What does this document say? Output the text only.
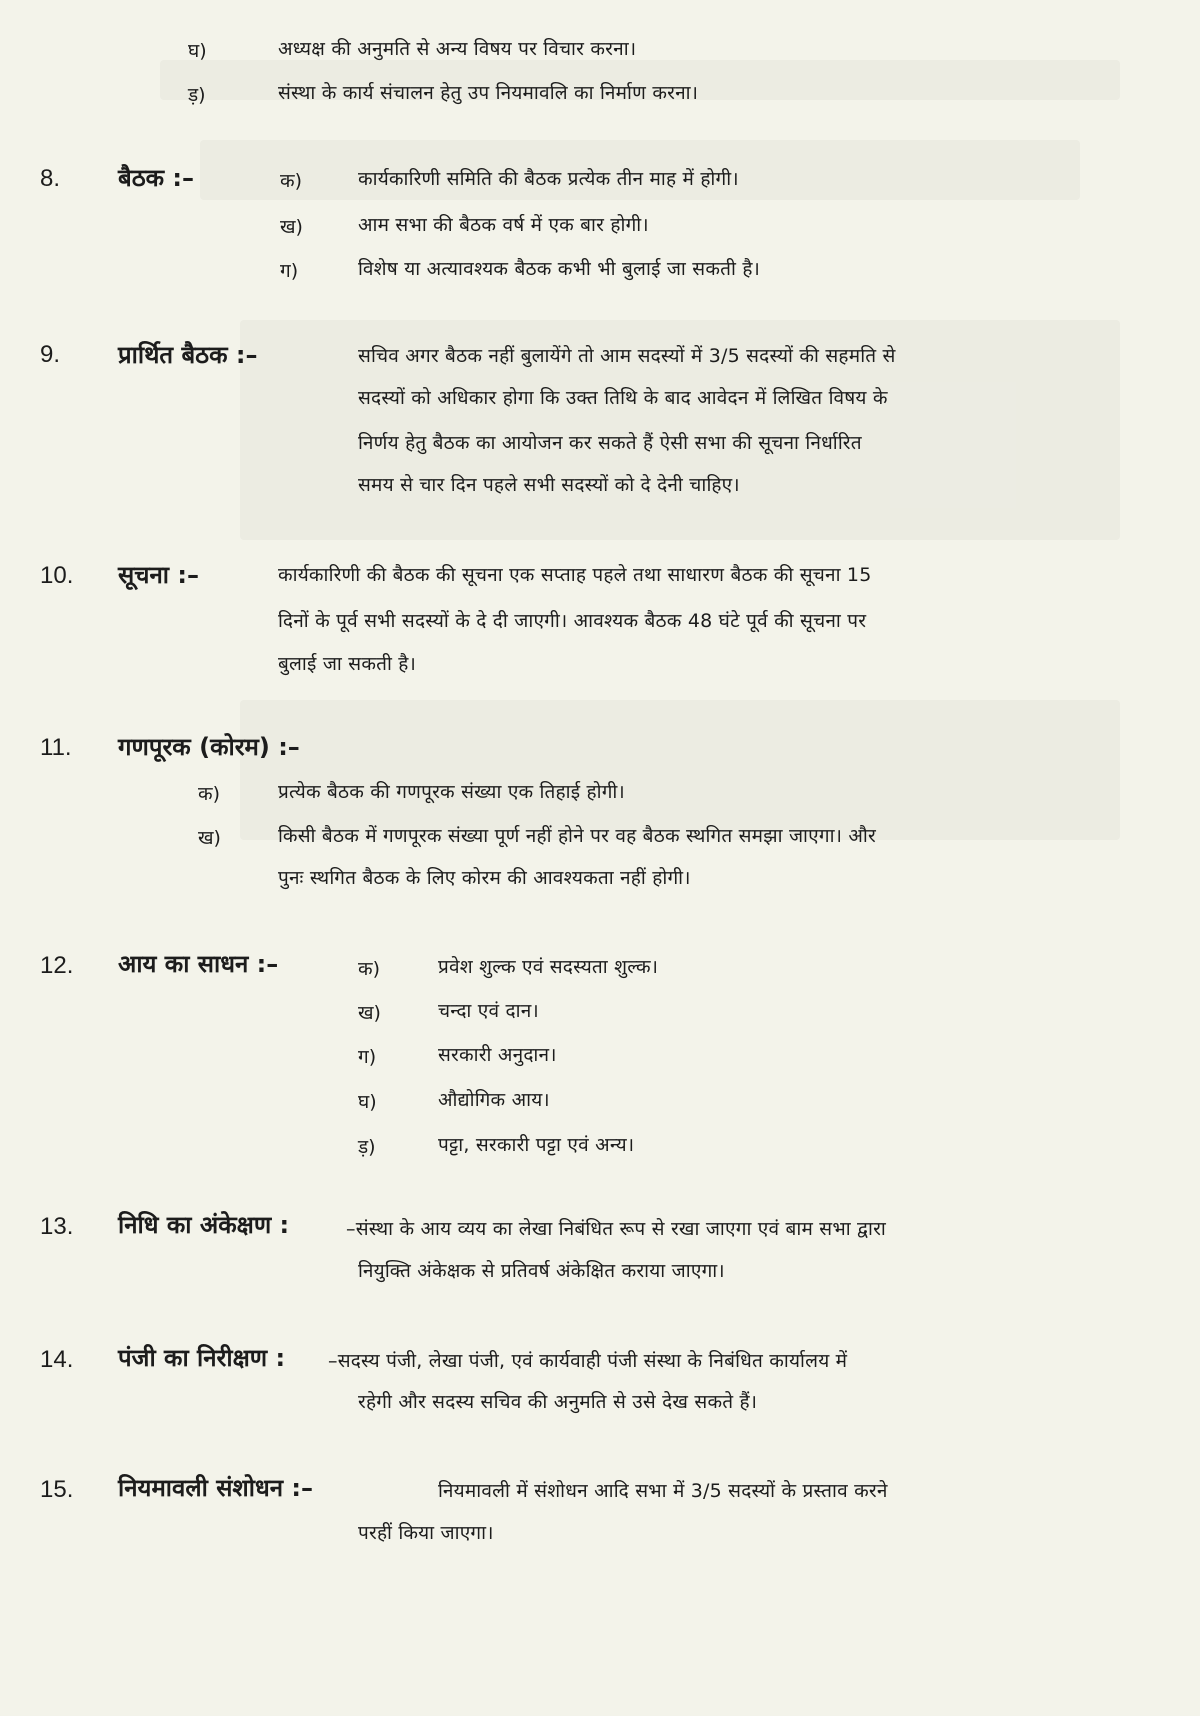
घ)	अध्यक्ष की अनुमति से अन्य विषय पर विचार करना।
ड़)	संस्था के कार्य संचालन हेतु उप नियमावलि का निर्माण करना।
8. बैठक :–	क)	कार्यकारिणी समिति की बैठक प्रत्येक तीन माह में होगी।
ख)	आम सभा की बैठक वर्ष में एक बार होगी।
ग)	विशेष या अत्यावश्यक बैठक कभी भी बुलाई जा सकती है।
9. प्रार्थित बैठक :–	सचिव अगर बैठक नहीं बुलायेंगे तो आम सदस्यों में 3/5 सदस्यों की सहमति से
सदस्यों को अधिकार होगा कि उक्त तिथि के बाद आवेदन में लिखित विषय के
निर्णय हेतु बैठक का आयोजन कर सकते हैं ऐसी सभा की सूचना निर्धारित
समय से चार दिन पहले सभी सदस्यों को दे देनी चाहिए।
10. सूचना :–	कार्यकारिणी की बैठक की सूचना एक सप्ताह पहले तथा साधारण बैठक की सूचना 15
दिनों के पूर्व सभी सदस्यों के दे दी जाएगी। आवश्यक बैठक 48 घंटे पूर्व की सूचना पर
बुलाई जा सकती है।
11. गणपूरक (कोरम) :–
क)	प्रत्येक बैठक की गणपूरक संख्या एक तिहाई होगी।
ख)	किसी बैठक में गणपूरक संख्या पूर्ण नहीं होने पर वह बैठक स्थगित समझा जाएगा। और
पुनः स्थगित बैठक के लिए कोरम की आवश्यकता नहीं होगी।
12. आय का साधन :–	क)	प्रवेश शुल्क एवं सदस्यता शुल्क।
ख)	चन्दा एवं दान।
ग)	सरकारी अनुदान।
घ)	औद्योगिक आय।
ड़)	पट्टा, सरकारी पट्टा एवं अन्य।
13. निधि का अंकेक्षण :	–संस्था के आय व्यय का लेखा निबंधित रूप से रखा जाएगा एवं बाम सभा द्वारा
नियुक्ति अंकेक्षक से प्रतिवर्ष अंकेक्षित कराया जाएगा।
14. पंजी का निरीक्षण : –सदस्य पंजी, लेखा पंजी, एवं कार्यवाही पंजी संस्था के निबंधित कार्यालय में
रहेगी और सदस्य सचिव की अनुमति से उसे देख सकते हैं।
15. नियमावली संशोधन :–	नियमावली में संशोधन आदि सभा में 3/5 सदस्यों के प्रस्ताव करने
परहीं किया जाएगा।
